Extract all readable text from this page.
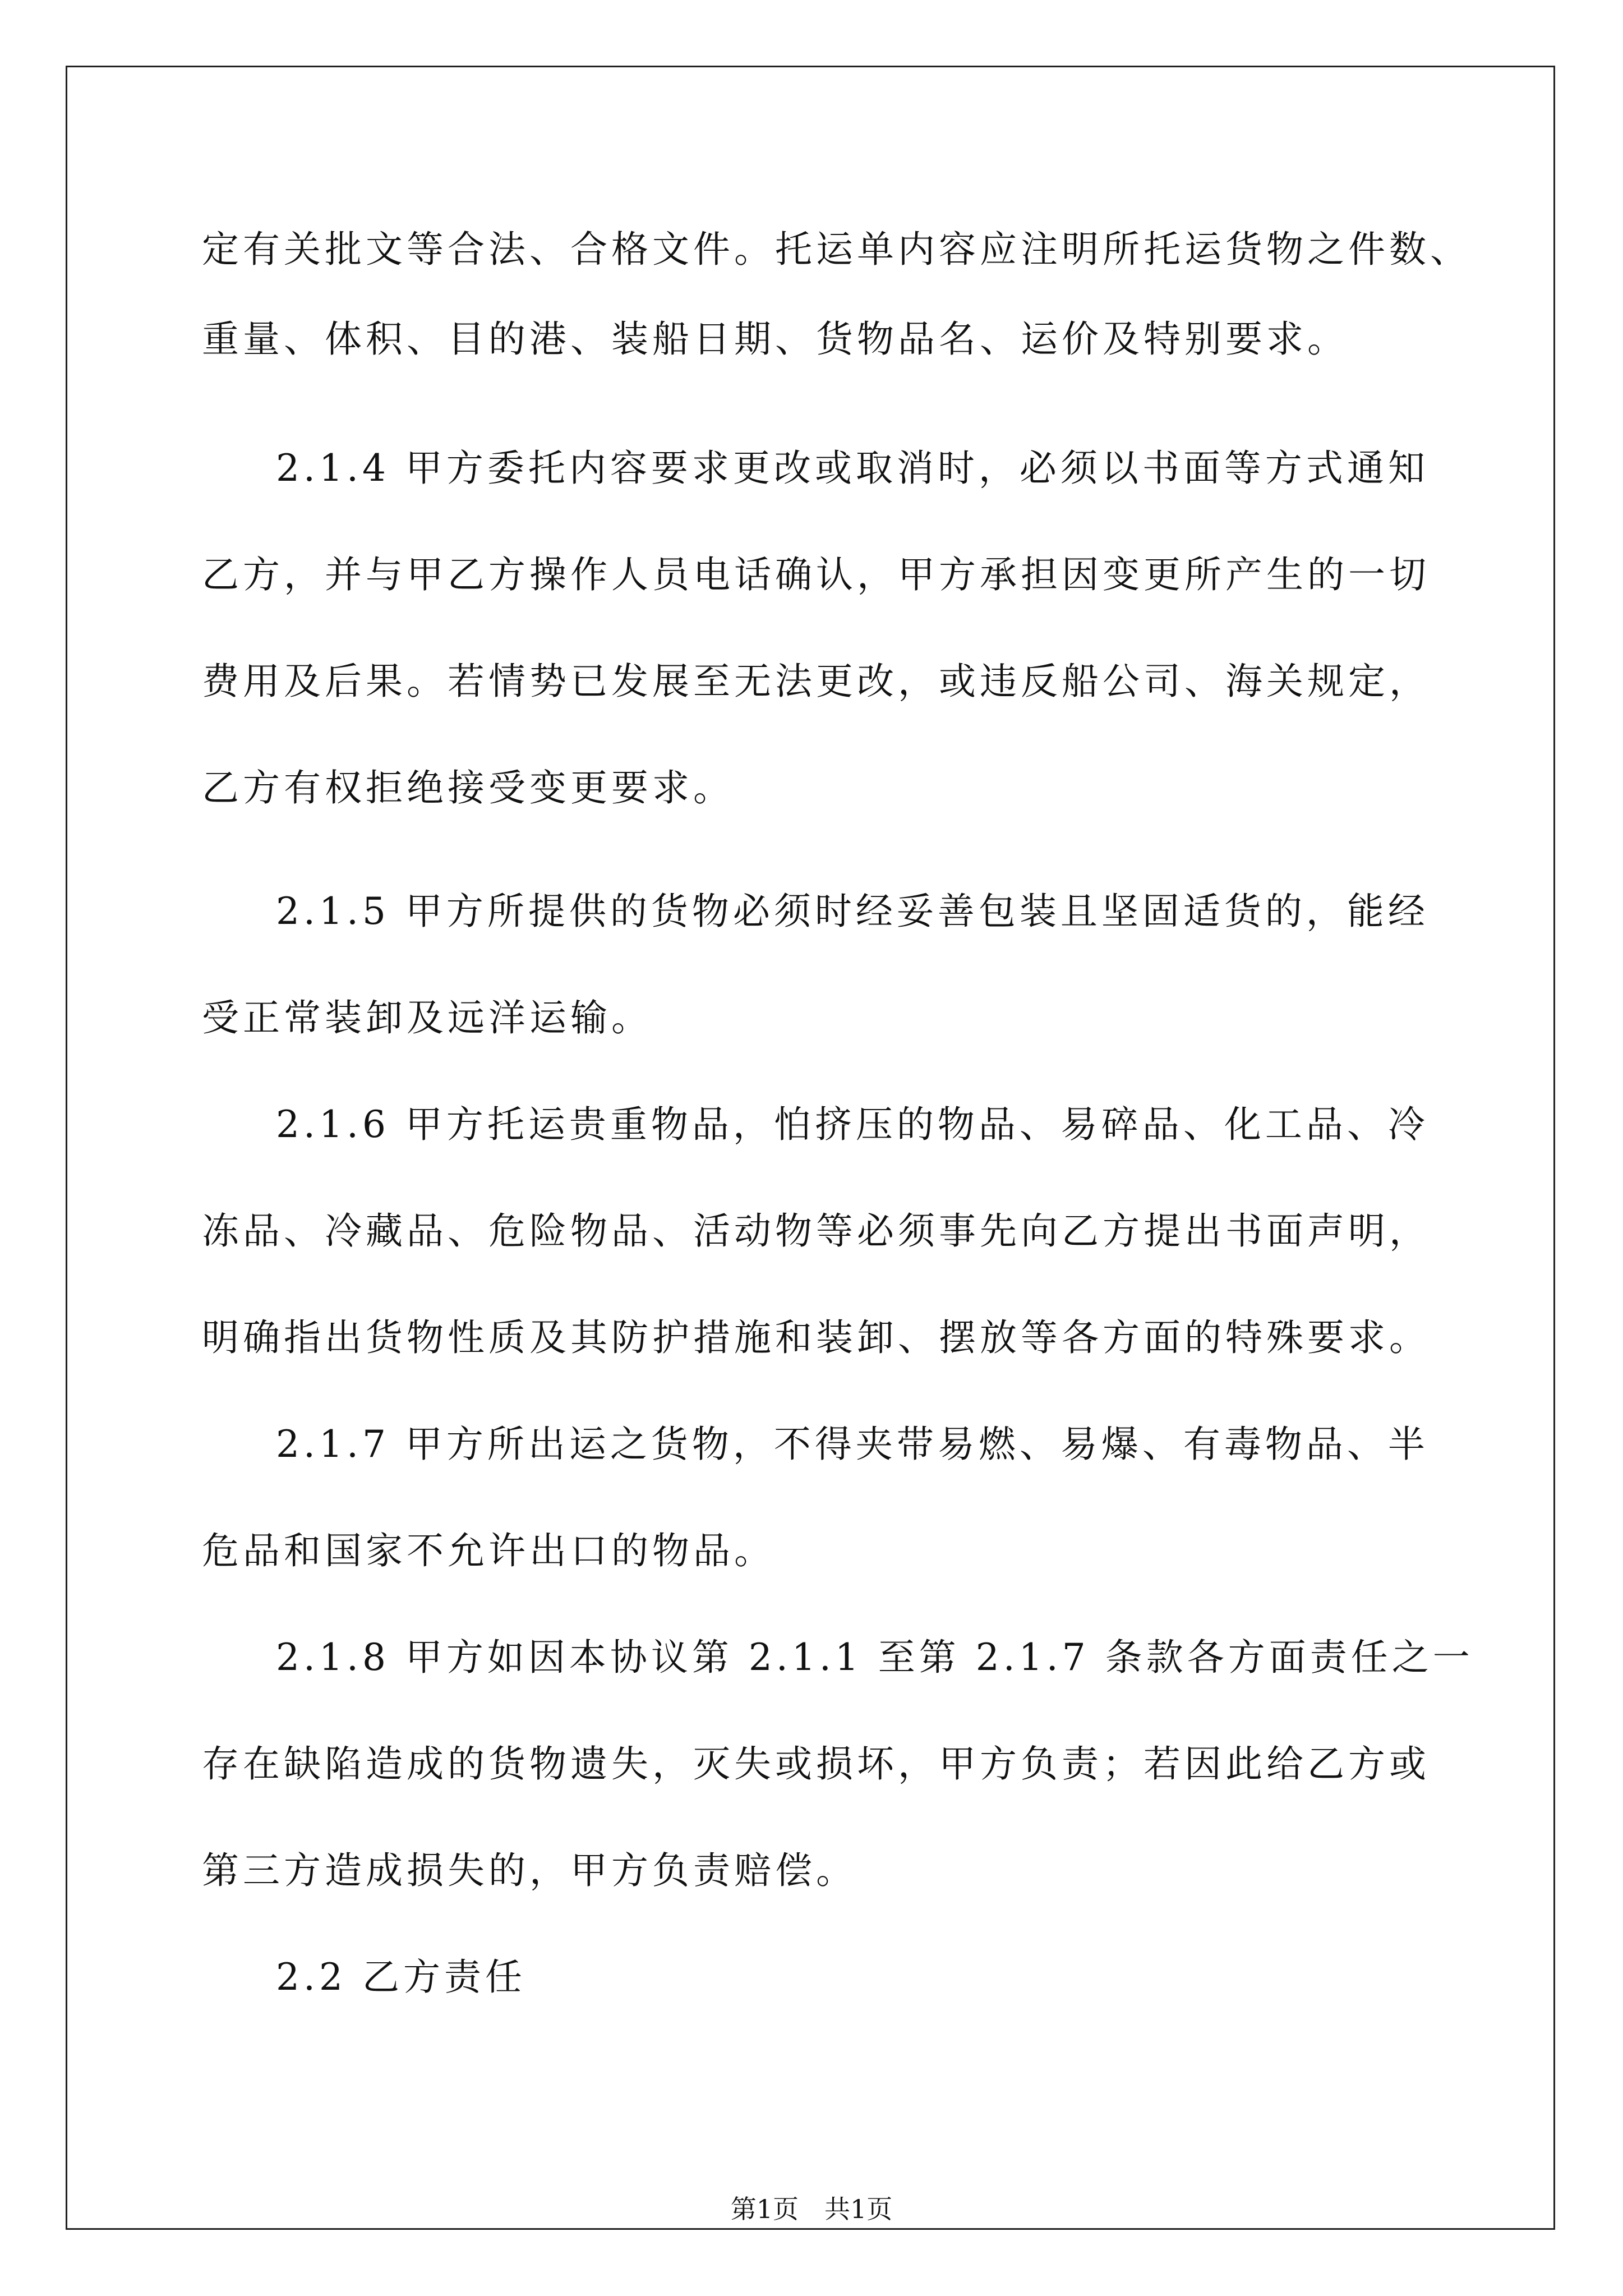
定有关批文等合法、合格文件。托运单内容应注明所托运货物之件数、
重量、体积、目的港、装船日期、货物品名、运价及特别要求。
2.1.4 甲方委托内容要求更改或取消时，必须以书面等方式通知
乙方，并与甲乙方操作人员电话确认，甲方承担因变更所产生的一切
费用及后果。若情势已发展至无法更改，或违反船公司、海关规定，
乙方有权拒绝接受变更要求。
2.1.5 甲方所提供的货物必须时经妥善包装且坚固适货的，能经
受正常装卸及远洋运输。
2.1.6 甲方托运贵重物品，怕挤压的物品、易碎品、化工品、冷
冻品、冷藏品、危险物品、活动物等必须事先向乙方提出书面声明，
明确指出货物性质及其防护措施和装卸、摆放等各方面的特殊要求。
2.1.7 甲方所出运之货物，不得夹带易燃、易爆、有毒物品、半
危品和国家不允许出口的物品。
2.1.8 甲方如因本协议第 2.1.1 至第 2.1.7 条款各方面责任之一
存在缺陷造成的货物遗失，灭失或损坏，甲方负责；若因此给乙方或
第三方造成损失的，甲方负责赔偿。
2.2 乙方责任
第1页　共1页
